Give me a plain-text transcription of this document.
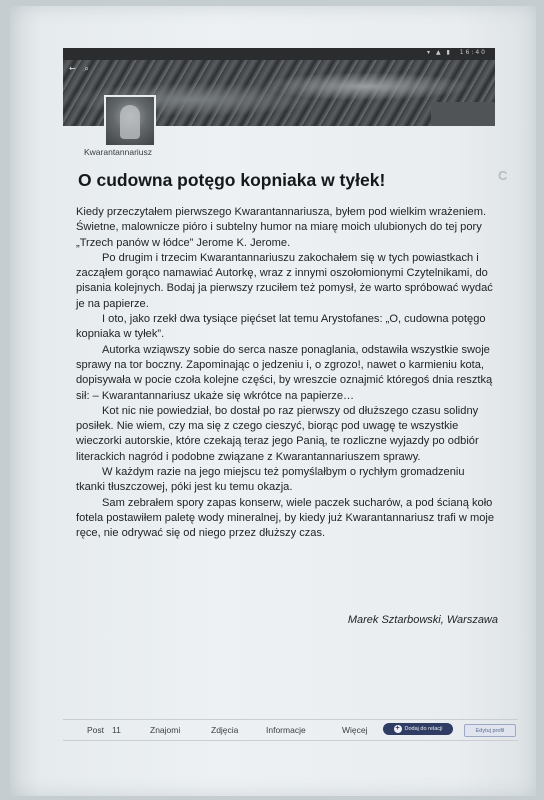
▾ ▲ ▮ 16:40
← ⌕
Kwarantannariusz
O cudowna potęgo kopniaka w tyłek!	C

Kiedy przeczytałem pierwszego Kwarantannariusza, byłem pod wielkim wrażeniem. Świetne, malownicze pióro i subtelny humor na miarę moich ulubionych do tej pory „Trzech panów w łódce” Jerome K. Jerome.

Po drugim i trzecim Kwarantannariuszu zakochałem się w tych powiastkach i zacząłem gorąco namawiać Autorkę, wraz z innymi oszołomionymi Czytelnikami, do pisania kolejnych. Bodaj ja pierwszy rzuciłem też pomysł, że warto spróbować wydać je na papierze.

I oto, jako rzekł dwa tysiące pięćset lat temu Arystofanes: „O, cudowna potęgo kopniaka w tyłek”.

Autorka wziąwszy sobie do serca nasze ponaglania, odstawiła wszystkie swoje sprawy na tor boczny. Zapominając o jedzeniu i, o zgrozo!, nawet o karmieniu kota, dopisywała w pocie czoła kolejne części, by wreszcie oznajmić któregoś dnia resztką sił: – Kwarantannariusz ukaże się wkrótce na papierze…

Kot nic nie powiedział, bo dostał po raz pierwszy od dłuższego czasu solidny posiłek. Nie wiem, czy ma się z czego cieszyć, biorąc pod uwagę te wszystkie wieczorki autorskie, które czekają teraz jego Panią, te rozliczne wyjazdy po odbiór literackich nagród i podobne związane z Kwarantannariuszem sprawy.

W każdym razie na jego miejscu też pomyślałbym o rychłym gromadzeniu tkanki tłuszczowej, póki jest ku temu okazja.

Sam zebrałem spory zapas konserw, wiele paczek sucharów, a pod ścianą koło fotela postawiłem paletę wody mineralnej, by kiedy już Kwarantannariusz trafi w moje ręce, nie odrywać się od niego przez dłuższy czas.

Marek Sztarbowski, Warszawa
Post 11	Znajomi	Zdjęcia	Informacje	Więcej	+ Dodaj do relacji	Edytuj profil
